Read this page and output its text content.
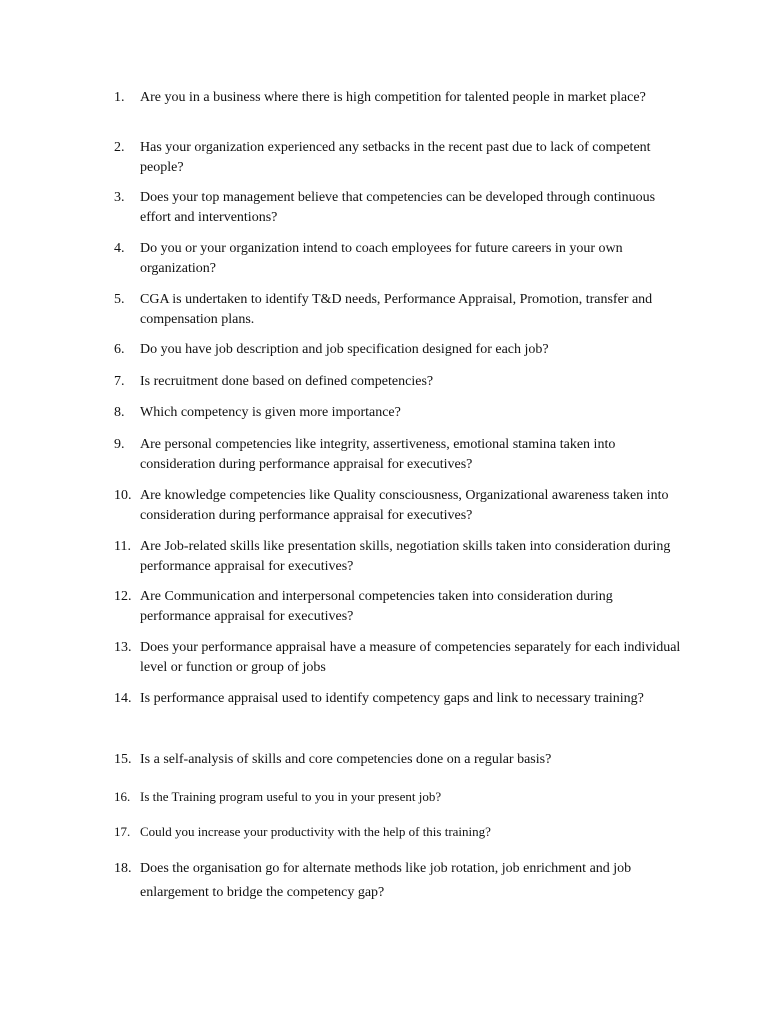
1.	Are you in a business where there is high competition for talented people in market place?
2.	Has your organization experienced any setbacks in the recent past due to lack of competent people?
3.	Does your top management believe that competencies can be developed through continuous effort and interventions?
4.	Do you or your organization intend to coach employees for future careers in your own organization?
5.	CGA is undertaken to identify T&D needs, Performance Appraisal, Promotion, transfer and compensation plans.
6.	Do you have job description and job specification designed for each job?
7.	Is recruitment done based on defined competencies?
8.	Which competency is given more importance?
9.	Are personal competencies like integrity, assertiveness, emotional stamina taken into consideration during performance appraisal for executives?
10. Are knowledge competencies like Quality consciousness, Organizational awareness taken into consideration during performance appraisal for executives?
11. Are Job-related skills like presentation skills, negotiation skills taken into consideration during performance appraisal for executives?
12. Are Communication and interpersonal competencies taken into consideration during performance appraisal for executives?
13. Does your performance appraisal have a measure of competencies separately for each individual level or function or group of jobs
14. Is performance appraisal used to identify competency gaps and link to necessary training?
15. Is a self-analysis of skills and core competencies done on a regular basis?
16. Is the Training program useful to you in your present job?
17. Could you increase your productivity with the help of this training?
18. Does the organisation go for alternate methods like job rotation, job enrichment and job enlargement to bridge the competency gap?
